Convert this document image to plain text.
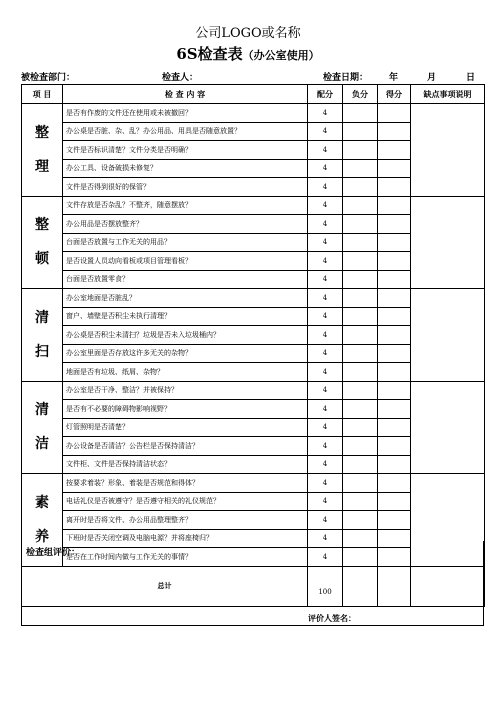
公司LOGO或名称
6S检查表（办公室使用）
被检查部门：	检查人：	检查日期： 年	月	日
项 目	检 查 内 容	配分	负分	得分	缺点事项说明

整
理	是否有作废的文件还在使用或未被撤回？	4			
	办公桌是否脏、杂、乱？办公用品、用具是否随意放置？	4			
	文件是否标识清楚？文件分类是否明确？	4			
	办公工具、设备破损未修复？	4			
	文件是否得到很好的保管？	4			

整
顿	文件存放是否杂乱？不整齐，随意摆放？	4			
	办公用品是否摆放整齐？	4			
	台面是否放置与工作无关的用品？	4			
	是否设置人员动向看板或项目管理看板？	4			
	台面是否放置零食？	4			

清
扫	办公室地面是否脏乱？	4			
	窗户、墙壁是否积尘未执行清理？	4			
	办公桌是否积尘未清扫？垃圾是否未入垃圾桶内？	4			
	办公室里面是否存放这许多无关的杂物？	4			
	地面是否有垃圾、纸屑、杂物？	4			

清
洁	办公室是否干净、整洁？并被保持？	4			
	是否有不必要的障碍物影响视野？	4			
	灯管照明是否清楚？	4			
	办公设备是否清洁？公告栏是否保持清洁？	4			
	文件柜、文件是否保持清洁状态？	4			

素
养	按要求着装？形象、着装是否规范和得体？	4			
	电话礼仪是否被遵守？是否遵守相关的礼仪规范？	4			
	离开时是否将文件、办公用品整理整齐？	4			
	下班时是否关闭空调及电脑电源？并将座椅归？	4			
	是否在工作时间内做与工作无关的事情？	4			
总计		100			
检查组评价：
评价人签名：
